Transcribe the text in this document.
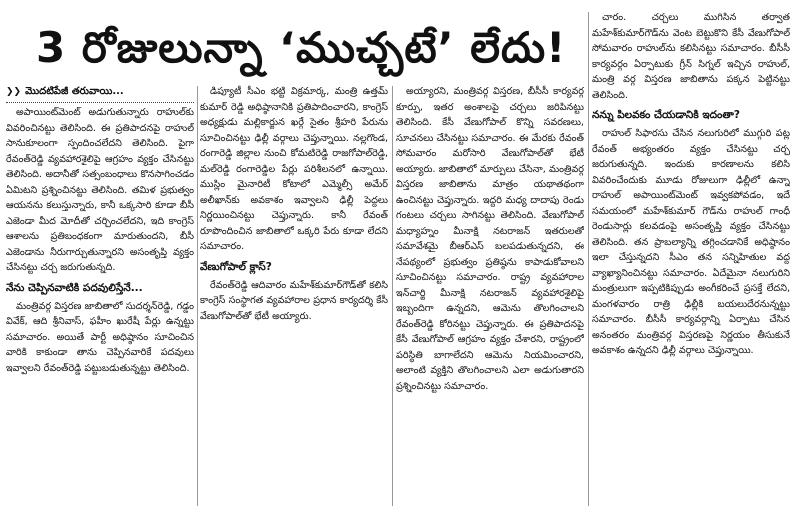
3 రోజులున్నా ‘ముచ్చటే’ లేదు!
❯❯ మొదటిపేజీ తరువాయి...

అపాయింట్‌మెంట్ అడుగుతున్నారు రాహుల్‌కు వివరించినట్టు తెలిసింది. ఈ ప్రతిపాదనపై రాహుల్ సానుకూలంగా స్పందించలేదని తెలిసింది. పైగా రేవంత్‌రెడ్డి వ్యవహారశైలిపై ఆగ్రహం వ్యక్తం చేసినట్టు తెలిసింది. అదానీతో సత్సంబంధాలు కొనసాగించడం ఏమిటని ప్రశ్నించినట్టు తెలిసింది. తమిళ ప్రభుత్వం ఆయనను కలుస్తున్నారు, కానీ ఒక్కసారి కూడా బీసీ ఎజెండా మీద మోదీతో చర్చించలేదని, ఇది కాంగ్రెస్ ఆశాలను ప్రతిబంధకంగా మారుతుందని, బీసీ ఎజెండాను నీరుగార్చుతున్నారని అసంతృప్తి వ్యక్తం చేసినట్టు చర్చ జరుగుతున్నది.

నేను చెప్పినవాటికి పదవులిస్తేనే...

మంత్రివర్గ విస్తరణ జాబితాలో సుదర్శన్‌రెడ్డి, గడ్డం వివేక్, ఆది శ్రీనివాస్, ఫహీం ఖురేషీ పేర్లు ఉన్నట్టు సమాచారం. అయితే పార్టీ అధిష్ఠానం సూచించిన వారికి కాకుండా తాను చెప్పినవారికే పదవులు ఇవ్వాలని రేవంత్‌రెడ్డి పట్టుబడుతున్నట్టు తెలిసింది.

డిప్యూటీ సీఎం భట్టి విక్రమార్క, మంత్రి ఉత్తమ్ కుమార్ రెడ్డి అధిష్ఠానానికి ప్రతిపాదించారని, కాంగ్రెస్ అధ్యక్షుడు మల్లికార్జున ఖర్గే సైతం శ్రీహరి పేరును సూచించినట్టు ఢిల్లీ వర్గాలు చెప్తున్నాయి. నల్లగొండ, రంగారెడ్డి జిల్లాల నుంచి కోమటిరెడ్డి రాజగోపాల్‌రెడ్డి, మల్‌రెడ్డి రంగారెడ్డిల పేర్లు పరిశీలనలో ఉన్నాయి. ముస్లిం మైనారిటీ కోటాలో ఎమ్మెల్సీ అమేర్ అలీఖాన్‌కు అవకాశం ఇవ్వాలని ఢిల్లీ పెద్దలు నిర్ణయించినట్టు చెప్తున్నారు. కానీ రేవంత్ రూపొందించిన జాబితాలో ఒక్కరి పేరు కూడా లేదని సమాచారం.

వేణుగోపాల్ క్లాస్?

రేవంత్‌రెడ్డి ఆదివారం మహేశ్‌కుమార్‌గౌడ్‌తో కలిసి కాంగ్రెస్ సంస్థాగత వ్యవహారాల ప్రధాన కార్యదర్శి కేసీ వేణుగోపాల్‌తో భేటీ అయ్యారు.

అయ్యారని, మంత్రివర్గ విస్తరణ, బీసీసీ కార్యవర్గ కూర్పు, ఇతర అంశాలపై చర్చలు జరిపినట్టు తెలిసింది. కేసీ వేణుగోపాల్ కొన్ని సవరణలు, సూచనలు చేసినట్టు సమాచారం. ఈ మేరకు రేవంత్ సోమవారం మరోసారి వేణుగోపాల్‌తో భేటీ అయ్యారు. జాబితాలో మార్పులు చేసినా, మంత్రివర్గ విస్తరణ జాబితాను మాత్రం యథాతథంగా ఉంచినట్టు చెప్తున్నారు. ఇద్దరి మధ్య దాదాపు రెండు గంటలు చర్చలు సాగినట్టు తెలిసింది. వేణుగోపాల్ మధ్యాహ్నం మీనాక్షి నటరాజన్ ఇతరులతో సమావేశమై బీఆర్ఎస్ బలపడుతున్నదని, ఈ నేపథ్యంలో ప్రభుత్వం ప్రతిష్ఠను కాపాడుకోవాలని సూచించినట్టు సమాచారం. రాష్ట్ర వ్యవహారాల ఇన్‌చార్జి మీనాక్షి నటరాజన్ వ్యవహారశైలిపై ఇబ్బందిగా ఉన్నదని, ఆమెను తొలగించాలని రేవంత్‌రెడ్డి కోరినట్టు చెప్తున్నారు. ఈ ప్రతిపాదనపై కేసీ వేణుగోపాల్ ఆగ్రహం వ్యక్తం చేశారని, రాష్ట్రంలో పరిస్థితి బాగాలేదని ఆమెను నియమించారని, అలాంటి వ్యక్తిని తొలగించాలని ఎలా అడుగుతారని ప్రశ్నించినట్టు సమాచారం.

చారం. చర్చలు ముగిసిన తర్వాత మహేశ్‌కుమార్‌గౌడ్‌ను వెంట బెట్టుకొని కేసీ వేణుగోపాల్ సోమవారం రాహుల్‌ను కలిసినట్టు సమాచారం. బీసీసీ కార్యవర్గం ఏర్పాటుకు గ్రీన్ సిగ్నల్ ఇచ్చిన రాహుల్, మంత్రి వర్గ విస్తరణ జాబితాను పక్కన పెట్టినట్టు తెలిసింది.

నన్ను పిలవకం చేయడానికి ఇదంతా?

రాహుల్ సిఫారసు చేసిన నలుగురిలో ముగ్గురి పట్ల రేవంత్ అభ్యంతరం వ్యక్తం చేసినట్టు చర్చ జరుగుతున్నది. ఇందుకు కారణాలను కలిసి వివరించేందుకు మూడు రోజులుగా ఢిల్లీలో ఉన్నా రాహుల్ అపాయింట్‌మెంట్ ఇవ్వకపోవడం, ఇదే సమయంలో మహేశ్‌కుమార్ గౌడ్‌ను రాహుల్ గాంధీ రెండుసార్లు కలవడంపై అసంతృప్తి వ్యక్తం చేసినట్టు తెలిసింది. తన ప్రాబల్యాన్ని తగ్గించడానికే అధిష్ఠానం ఇలా చేస్తున్నదని సీఎం తన సన్నిహితుల వద్ద వ్యాఖ్యానించినట్టు సమాచారం. ఏదేమైనా నలుగురిని మంత్రులుగా ఇప్పటికిప్పుడు అంగీకరించే ప్రసక్తే లేదని, మంగళవారం రాత్రి ఢిల్లీకి బయలుదేరనున్నట్టు సమాచారం. బీసీసీ కార్యవర్గాన్ని ఏర్పాటు చేసిన అనంతరం మంత్రివర్గ విస్తరణపై నిర్ణయం తీసుకునే అవకాశం ఉన్నదని ఢిల్లీ వర్గాలు చెప్తున్నాయి.
